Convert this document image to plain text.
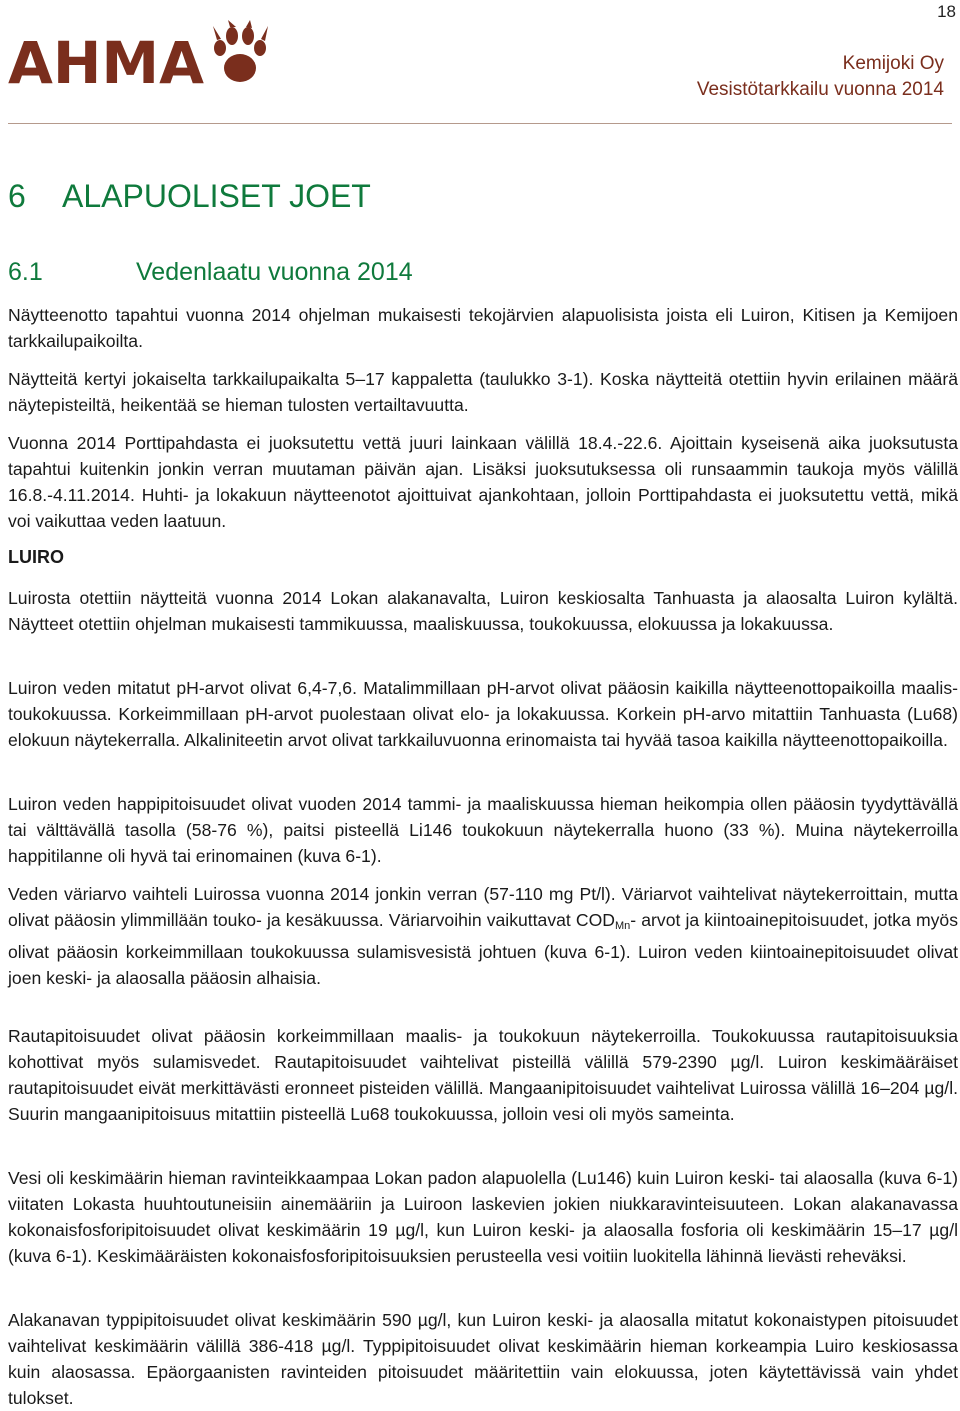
18
AHMA	Kemijoki Oy
Vesistötarkkailu vuonna 2014
6 ALAPUOLISET JOET
6.1	Vedenlaatu vuonna 2014

Näytteenotto tapahtui vuonna 2014 ohjelman mukaisesti tekojärvien alapuolisista joista eli Luiron, Kitisen ja Kemijoen tarkkailupaikoilta.

Näytteitä kertyi jokaiselta tarkkailupaikalta 5–17 kappaletta (taulukko 3-1). Koska näytteitä otettiin hyvin erilainen määrä näytepisteiltä, heikentää se hieman tulosten vertailtavuutta.

Vuonna 2014 Porttipahdasta ei juoksutettu vettä juuri lainkaan välillä 18.4.-22.6. Ajoittain kyseisenä aika juoksutusta tapahtui kuitenkin jonkin verran muutaman päivän ajan. Lisäksi juoksutuksessa oli runsaammin taukoja myös välillä 16.8.-4.11.2014. Huhti- ja lokakuun näytteenotot ajoittuivat ajankohtaan, jolloin Porttipahdasta ei juoksutettu vettä, mikä voi vaikuttaa veden laatuun.

LUIRO

Luirosta otettiin näytteitä vuonna 2014 Lokan alakanavalta, Luiron keskiosalta Tanhuasta ja alaosalta Luiron kylältä. Näytteet otettiin ohjelman mukaisesti tammikuussa, maaliskuussa, toukokuussa, elokuussa ja lokakuussa.

Luiron veden mitatut pH-arvot olivat 6,4-7,6. Matalimmillaan pH-arvot olivat pääosin kaikilla näytteenottopaikoilla maalis-toukokuussa. Korkeimmillaan pH-arvot puolestaan olivat elo- ja lokakuussa. Korkein pH-arvo mitattiin Tanhuasta (Lu68) elokuun näytekerralla. Alkaliniteetin arvot olivat tarkkailuvuonna erinomaista tai hyvää tasoa kaikilla näytteenottopaikoilla.

Luiron veden happipitoisuudet olivat vuoden 2014 tammi- ja maaliskuussa hieman heikompia ollen pääosin tyydyttävällä tai välttävällä tasolla (58-76 %), paitsi pisteellä Li146 toukokuun näytekerralla huono (33 %). Muina näytekerroilla happitilanne oli hyvä tai erinomainen (kuva 6-1).

Veden väriarvo vaihteli Luirossa vuonna 2014 jonkin verran (57-110 mg Pt/l). Väriarvot vaihtelivat näytekerroittain, mutta olivat pääosin ylimmillään touko- ja kesäkuussa. Väriarvoihin vaikuttavat $COD_{Mn}-$ arvot ja kiintoainepitoisuudet, jotka myös olivat pääosin korkeimmillaan toukokuussa sulamisvesistä johtuen (kuva 6-1). Luiron veden kiintoainepitoisuudet olivat joen keski- ja alaosalla pääosin alhaisia.

Rautapitoisuudet olivat pääosin korkeimmillaan maalis- ja toukokuun näytekerroilla. Toukokuussa rautapitoisuuksia kohottivat myös sulamisvedet. Rautapitoisuudet vaihtelivat pisteillä välillä 579-2390 µg/l. Luiron keskimääräiset rautapitoisuudet eivät merkittävästi eronneet pisteiden välillä. Mangaanipitoisuudet vaihtelivat Luirossa välillä 16–204 µg/l. Suurin mangaanipitoisuus mitattiin pisteellä Lu68 toukokuussa, jolloin vesi oli myös sameinta.

Vesi oli keskimäärin hieman ravinteikkaampaa Lokan padon alapuolella (Lu146) kuin Luiron keski- tai alaosalla (kuva 6-1) viitaten Lokasta huuhtoutuneisiin ainemääriin ja Luiroon laskevien jokien niukkaravinteisuuteen. Lokan alakanavassa kokonaisfosforipitoisuudet olivat keskimäärin 19 µg/l, kun Luiron keski- ja alaosalla fosforia oli keskimäärin 15–17 µg/l (kuva 6-1). Keskimääräisten kokonaisfosforipitoisuuksien perusteella vesi voitiin luokitella lähinnä lievästi reheväksi.

Alakanavan typpipitoisuudet olivat keskimäärin 590 µg/l, kun Luiron keski- ja alaosalla mitatut kokonaistypen pitoisuudet vaihtelivat keskimäärin välillä 386-418 µg/l. Typpipitoisuudet olivat keskimäärin hieman korkeampia Luiro keskiosassa kuin alaosassa. Epäorgaanisten ravinteiden pitoisuudet määritettiin vain elokuussa, joten käytettävissä vain yhdet tulokset.
